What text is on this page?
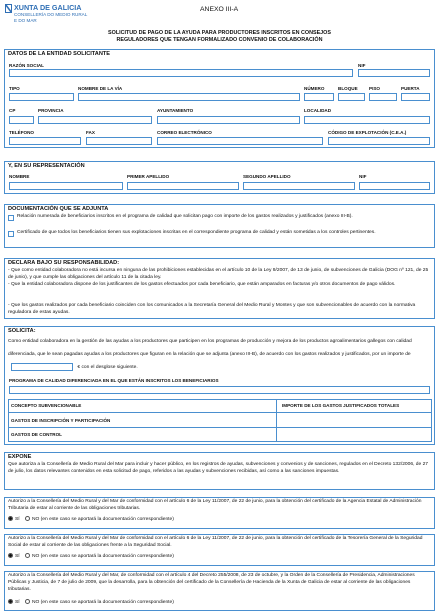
XUNTA DE GALICIA
CONSELLERÍA DO MEDIO RURAL
E DO MAR
ANEXO III-A
SOLICITUD DE PAGO DE LA AYUDA PARA PRODUCTORES INSCRITOS EN CONSEJOS
REGULADORES QUE TENGAN FORMALIZADO CONVENIO DE COLABORACIÓN
DATOS DE LA ENTIDAD SOLICITANTE
RAZÓN SOCIAL	NIF
TIPO	NOMBRE DE LA VÍA	NÚMERO	BLOQUE PISO	PUERTA
CP	PROVINCIA	AYUNTAMIENTO	LOCALIDAD
TELÉFONO	FAX	CORREO ELECTRÓNICO	CÓDIGO DE EXPLOTACIÓN (C.E.A.)
Y, EN SU REPRESENTACIÓN
NOMBRE	PRIMER APELLIDO	SEGUNDO APELLIDO	NIF
DOCUMENTACIÓN QUE SE ADJUNTA
Relación numerada de beneficiarios inscritos en el programa de calidad que solicitan pago con importe de los gastos realizados y justificados (anexo III-B).
Certificado de que todos los beneficiarios tienen sus explotaciones inscritas en el correspondiente programa de calidad y están sometidas a los controles pertinentes.
DECLARA BAJO SU RESPONSABILIDAD:
- Que como entidad colaboradora no está incursa en ninguna de las prohibiciones establecidas en el artículo 10 de la Ley 9/2007, de 13 de junio, de subvenciones de Galicia (DOG nº 121, de 25 de junio), y que cumple las obligaciones del artículo 11 de la citada ley.
- Que la entidad colaboradora dispone de los justificantes de los gastos efectuados por cada beneficiario, que están amparados en facturas y/o otros documentos de pago válidos.
- Que los gastos realizados por cada beneficiario coinciden con los comunicados a la Secretaría General del Medio Rural y Montes y que son subvencionables de acuerdo con la normativa reguladora de estas ayudas.
SOLICITA:
Como entidad colaboradora en la gestión de las ayudas a los productores que participen en los programas de producción y mejora de los productos agroalimentarios gallegos con calidad diferenciada, que le sean pagadas ayudas a los productores que figuran en la relación que se adjunta (anexo III-B), de acuerdo con los gastos realizados y justificados, por un importe de  € con el desglose siguiente.
PROGRAMA DE CALIDAD DIFERENCIADA EN EL QUE ESTÁN INSCRITOS LOS BENEFICIARIOS
CONCEPTO SUBVENCIONABLE	IMPORTE DE LOS GASTOS JUSTIFICADOS TOTALES
GASTOS DE INSCRIPCIÓN Y PARTICIPACIÓN
GASTOS DE CONTROL
EXPONE
Que autoriza a la Consellería de Medio Rural del Mar para incluir y hacer público, en los registros de ayudas, subvenciones y convenios y de sanciones, regulados en el Decreto 132/2006, de 27 de julio, los datos relevantes contenidos en esta solicitud de pago, referidos a las ayudas y subvenciones recibidas, así como a las sanciones impuestas.
Autorizo a la Consellería del Medio Rural y del Mar de conformidad con el artículo 6 de la Ley 11/2007, de 22 de junio, para la obtención del certificado de la Agencia Estatal de Administración Tributaria de estar al corriente de las obligaciones tributarias.
SÍ	NO (en este caso se aportará la documentación correspondiente)
Autorizo a la Consellería del Medio Rural y del Mar de conformidad con el artículo 6 de la Ley 11/2007, de 22 de junio, para la obtención del certificado de la Tesorería General de la Seguridad Social de estar al corriente de las obligaciones frente a la Seguridad Social.
SÍ	NO (en este caso se aportará la documentación correspondiente)
Autorizo a la Consellería del Medio Rural y del Mar, de conformidad con el artículo 4 del Decreto 255/2008, de 23 de octubre, y la Orden de la Consellería de Presidencia, Administraciones Públicas y Justicia, de 7 de julio de 2009, que la desarrolla, para la obtención del certificado de la Consellería de Hacienda de la Xunta de Galicia de estar al corriente de las obligaciones tributarias.
SÍ	NO (en este caso se aportará la documentación correspondiente)
